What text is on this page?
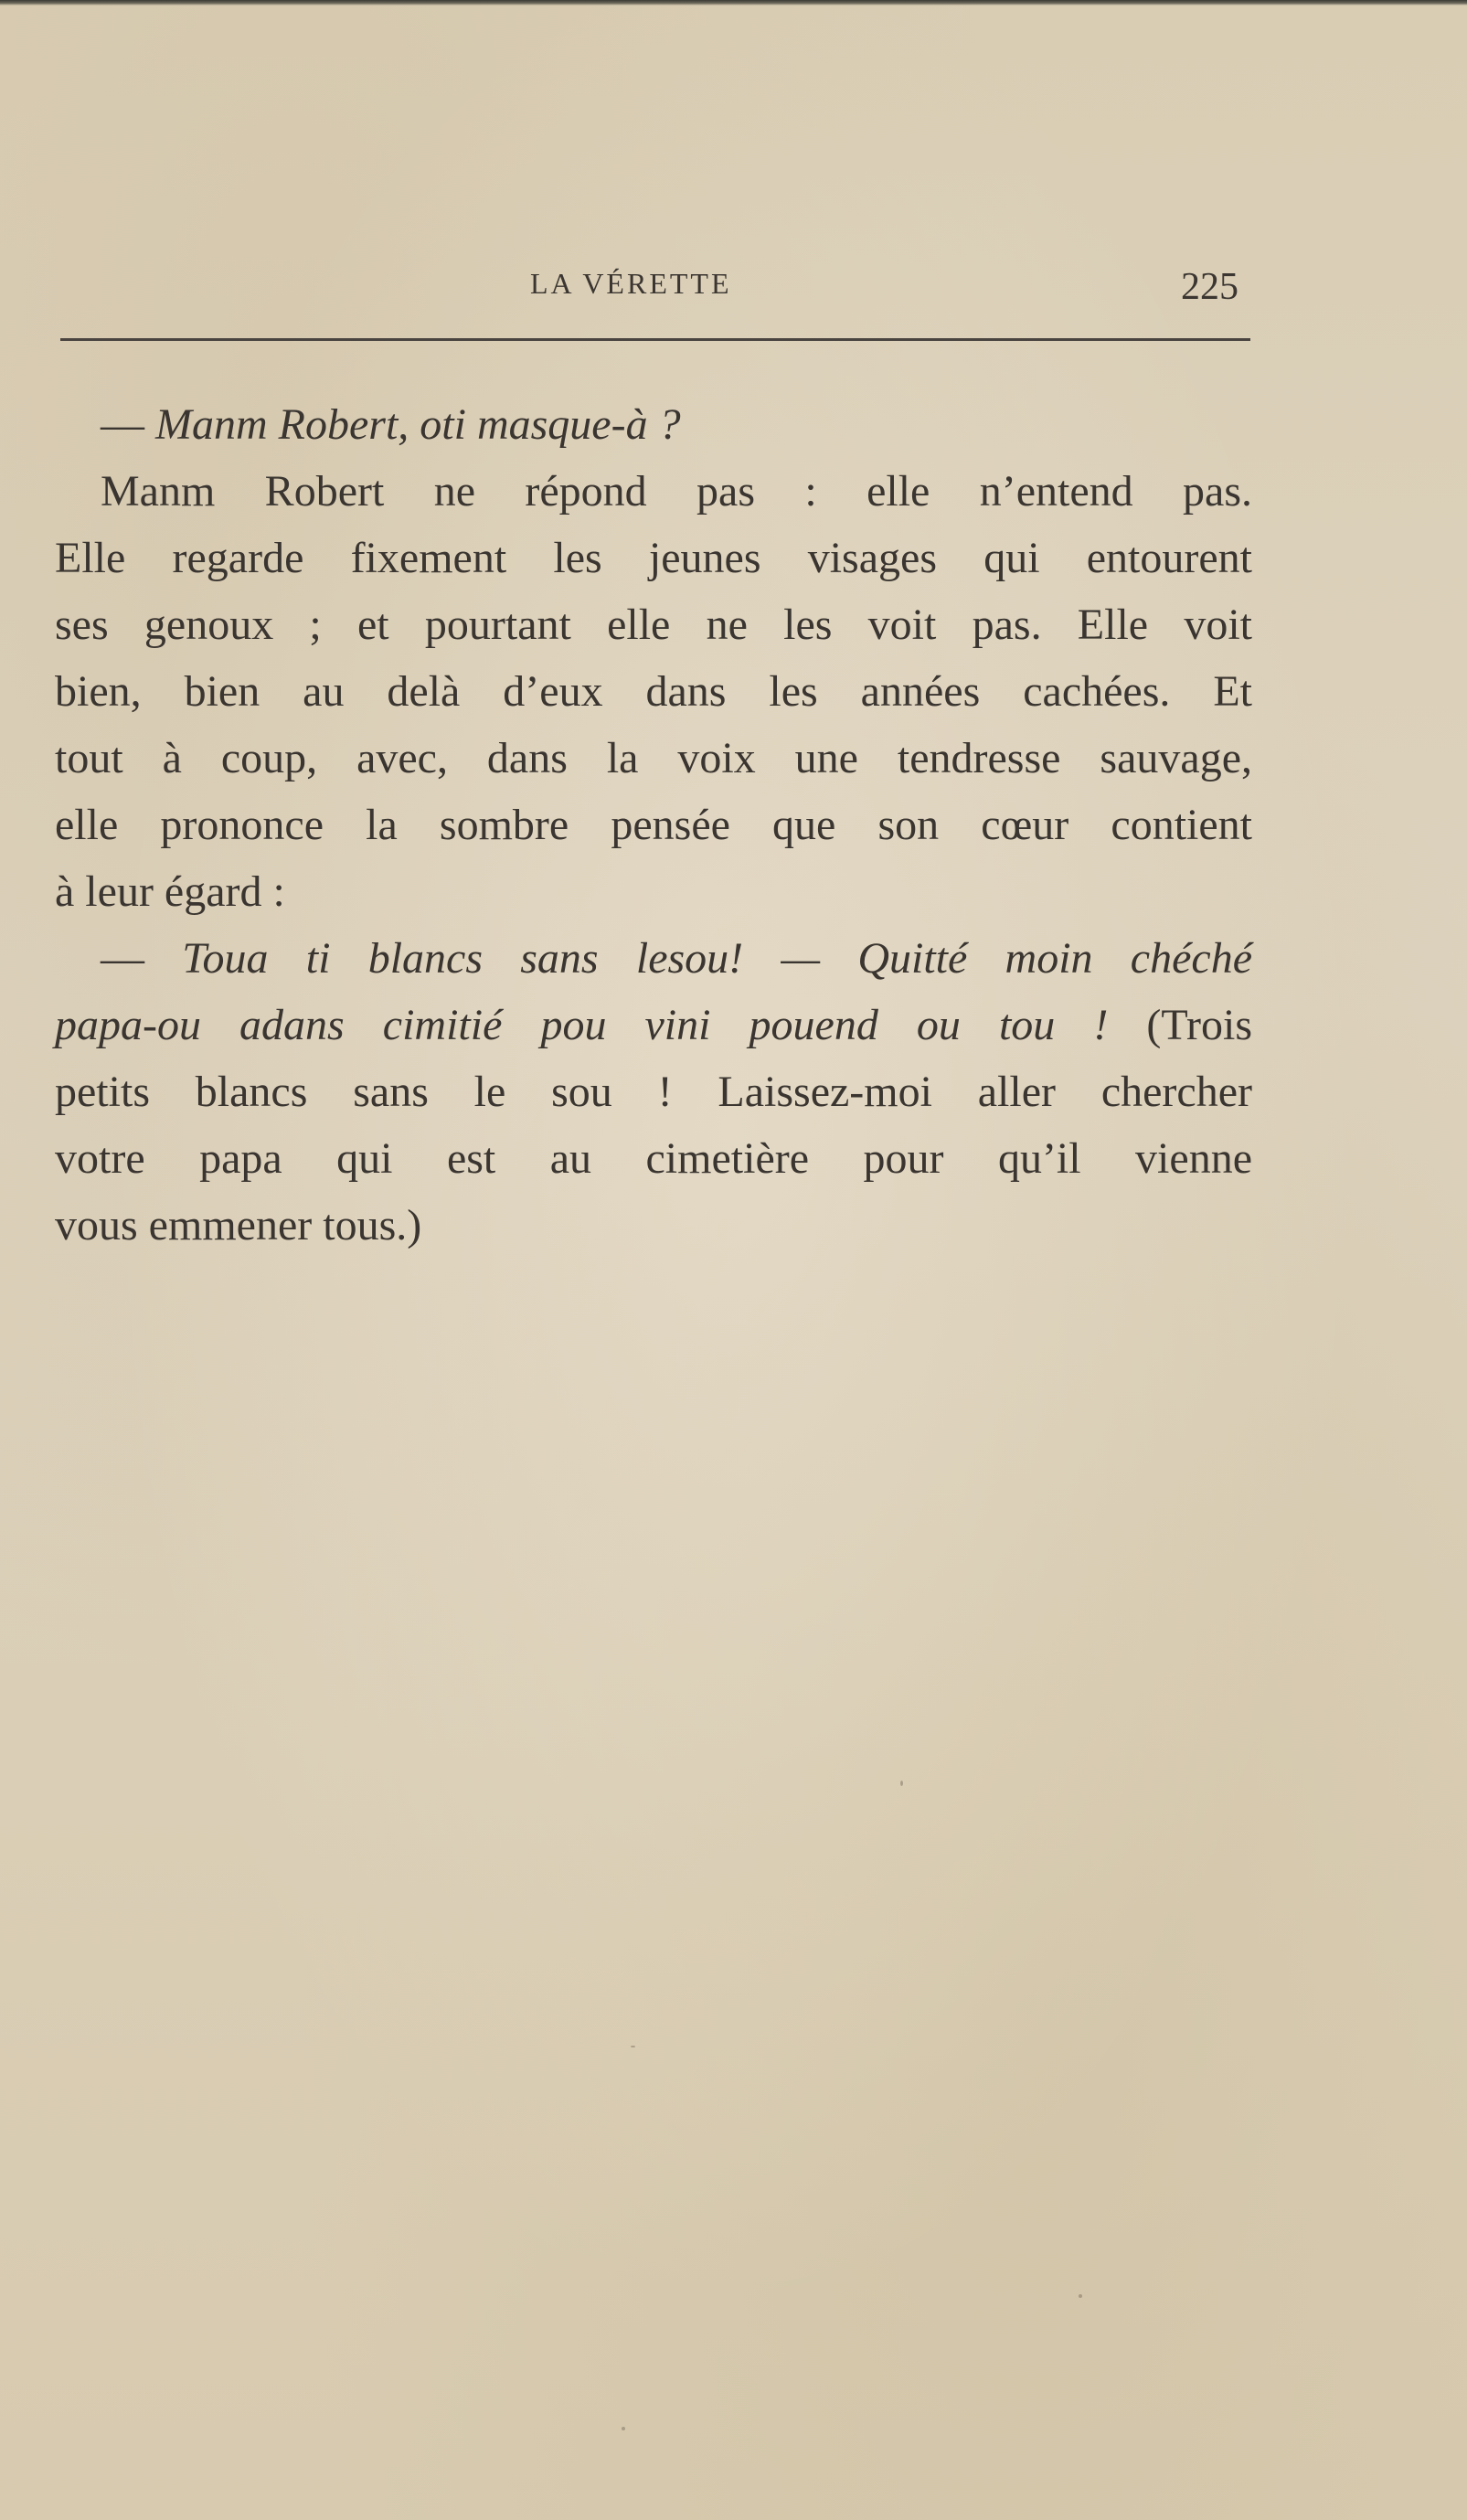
LA VÉRETTE	225
— Manm Robert, oti masque-à ?
Manm Robert ne répond pas : elle n’entend pas.
Elle regarde fixement les jeunes visages qui entourent
ses genoux ; et pourtant elle ne les voit pas. Elle voit
bien, bien au delà d’eux dans les années cachées. Et
tout à coup, avec, dans la voix une tendresse sauvage,
elle prononce la sombre pensée que son cœur contient
à leur égard :
— Toua ti blancs sans lesou! — Quitté moin chéché
papa-ou adans cimitié pou vini pouend ou tou ! (Trois
petits blancs sans le sou ! Laissez-moi aller chercher
votre papa qui est au cimetière pour qu’il vienne
vous emmener tous.)
